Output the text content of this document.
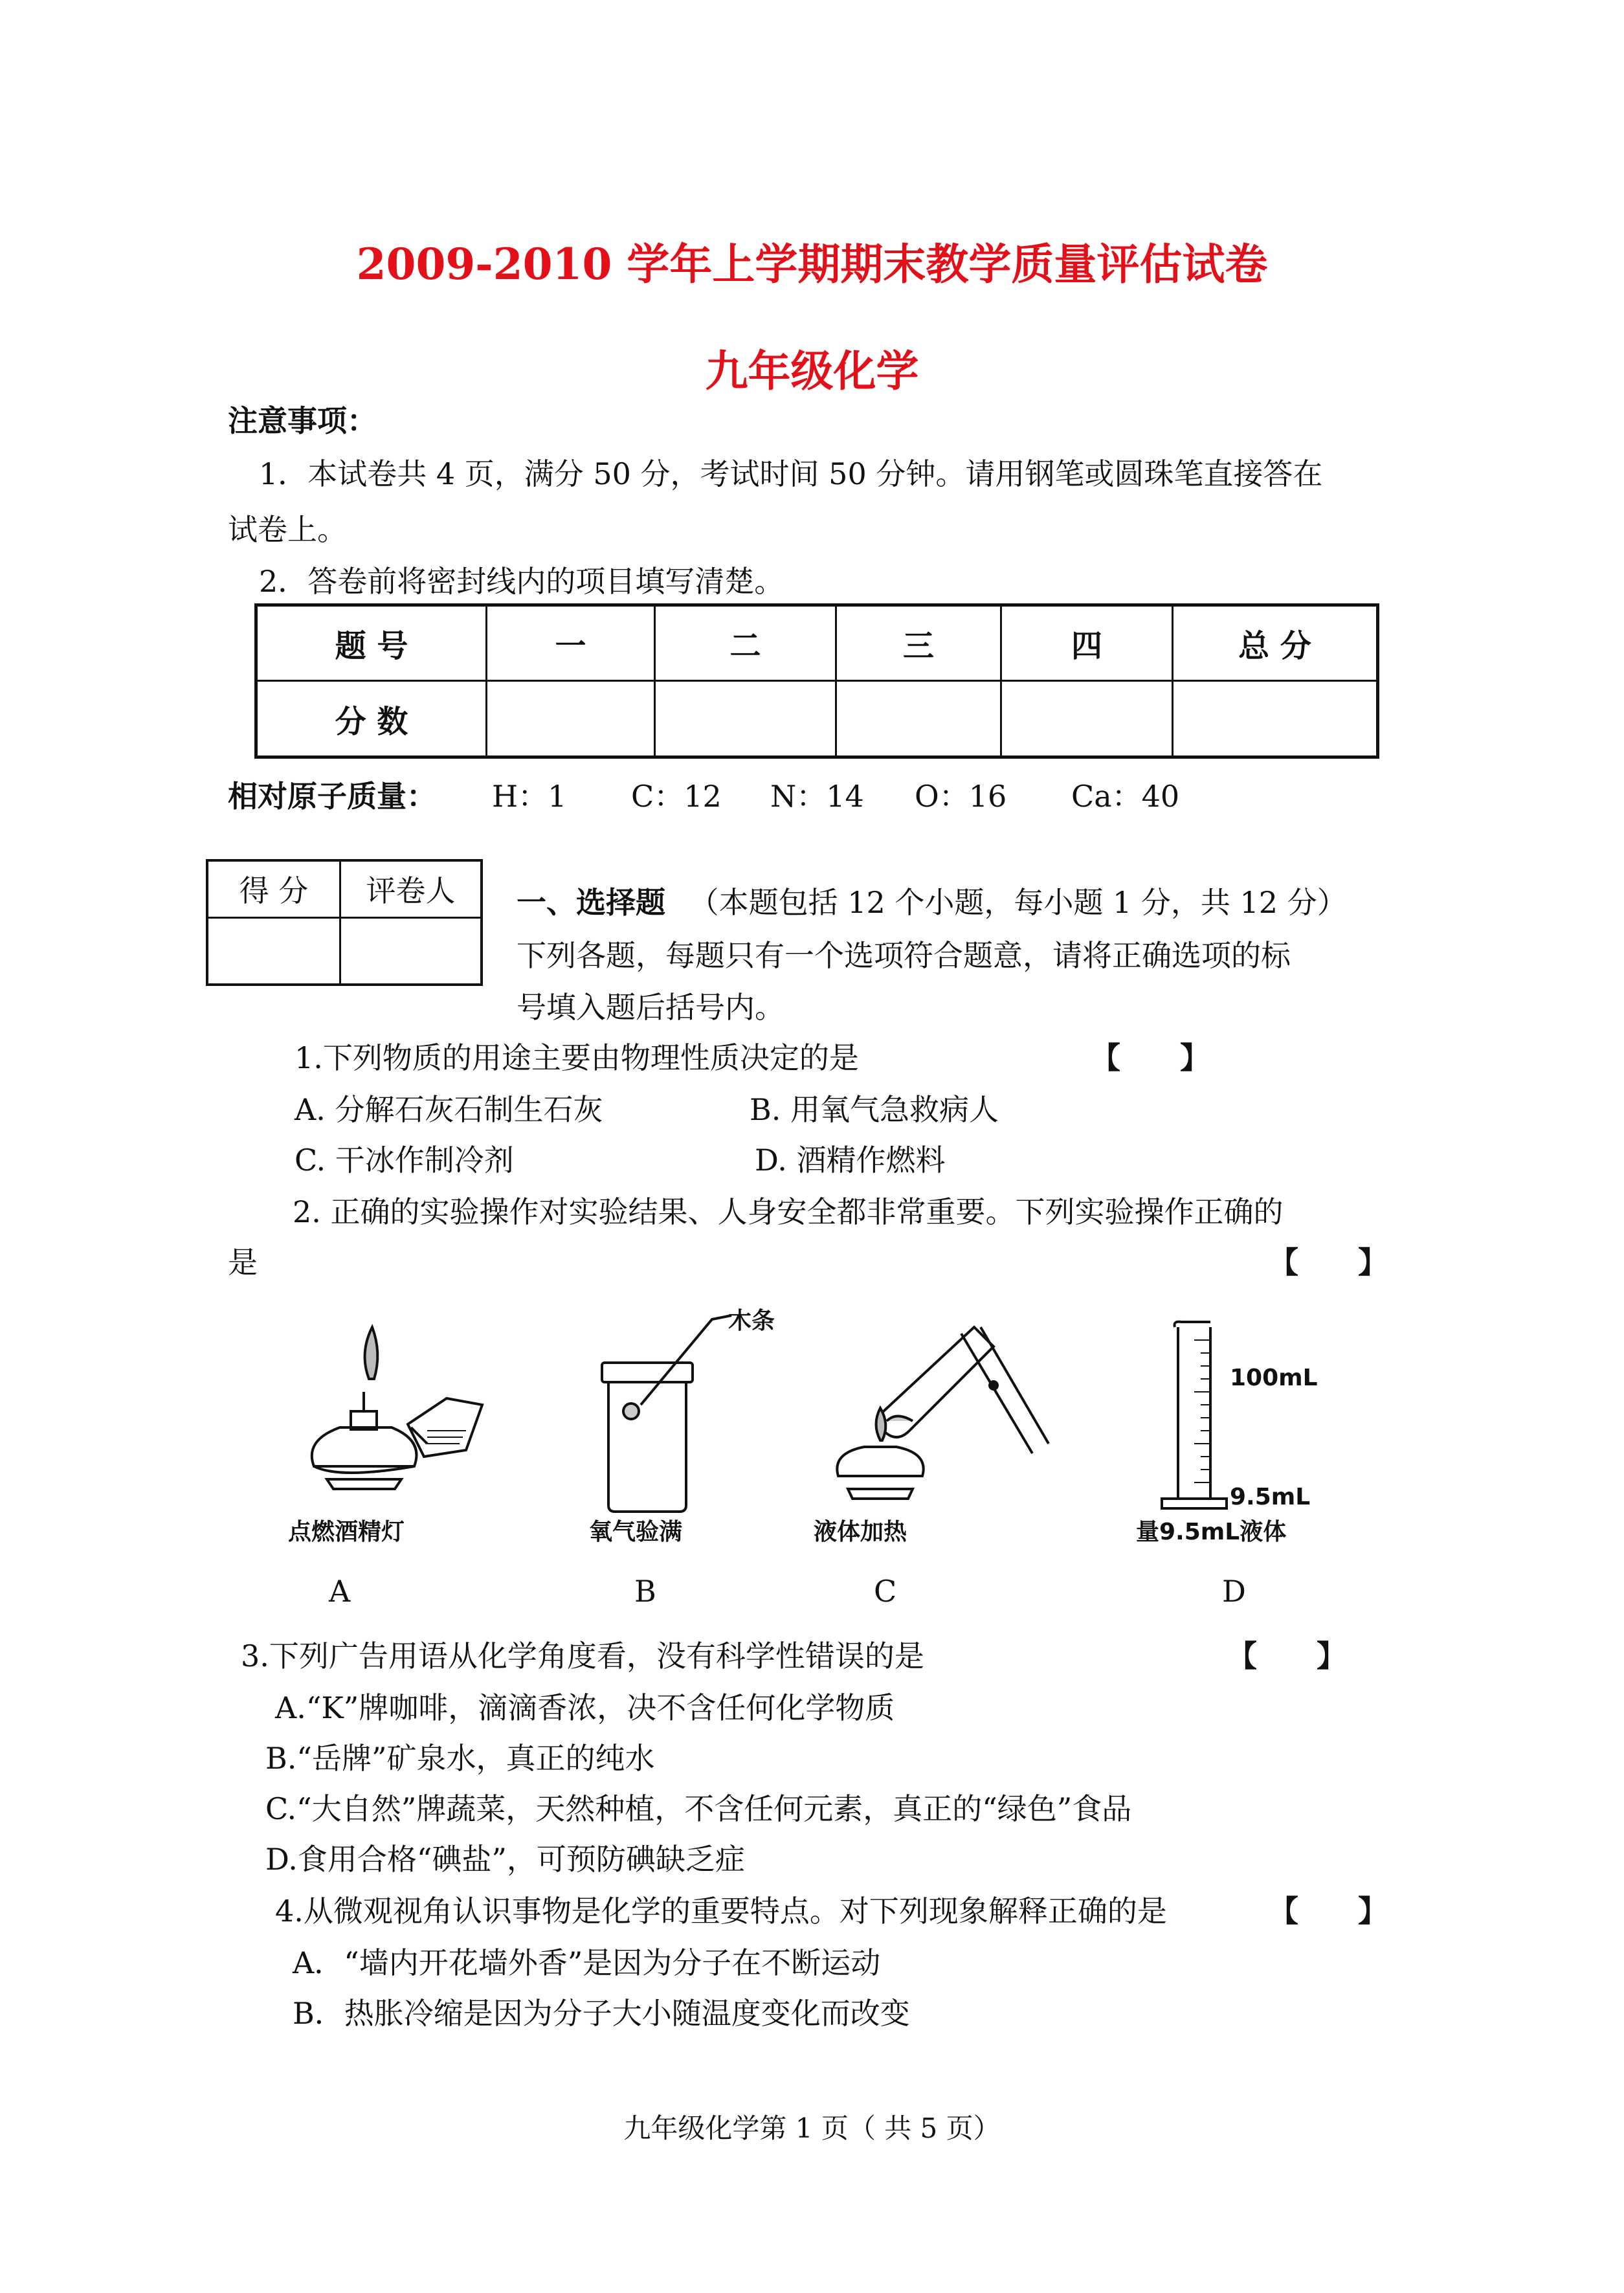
2009-2010 学年上学期期末教学质量评估试卷
九年级化学
注意事项：
1．本试卷共 4 页，满分 50 分，考试时间 50 分钟。请用钢笔或圆珠笔直接答在
试卷上。
2．答卷前将密封线内的项目填写清楚。
题 号	一	二	三	四	总 分
分 数					
相对原子质量： H：1 C：12 N：14 O：16 Ca：40
得 分	评卷人
	一、选择题 （本题包括 12 个小题，每小题 1 分，共 12 分）
下列各题，每题只有一个选项符合题意，请将正确选项的标
号填入题后括号内。
1.下列物质的用途主要由物理性质决定的是	【　　】
A. 分解石灰石制生石灰	B. 用氧气急救病人
C. 干冰作制冷剂	D. 酒精作燃料
2. 正确的实验操作对实验结果、人身安全都非常重要。下列实验操作正确的
是	【　　】
点燃酒精灯
A
木条
氧气验满
B
液体加热
C
100mL
9.5mL
量9.5mL液体
D
3.下列广告用语从化学角度看，没有科学性错误的是	【　　】
A.“K”牌咖啡，滴滴香浓，决不含任何化学物质
B.“岳牌”矿泉水，真正的纯水
C.“大自然”牌蔬菜，天然种植，不含任何元素，真正的“绿色”食品
D.食用合格“碘盐”，可预防碘缺乏症
4.从微观视角认识事物是化学的重要特点。对下列现象解释正确的是	【　　】
A．“墙内开花墙外香”是因为分子在不断运动
B．热胀冷缩是因为分子大小随温度变化而改变
九年级化学第 1 页（ 共 5 页）
